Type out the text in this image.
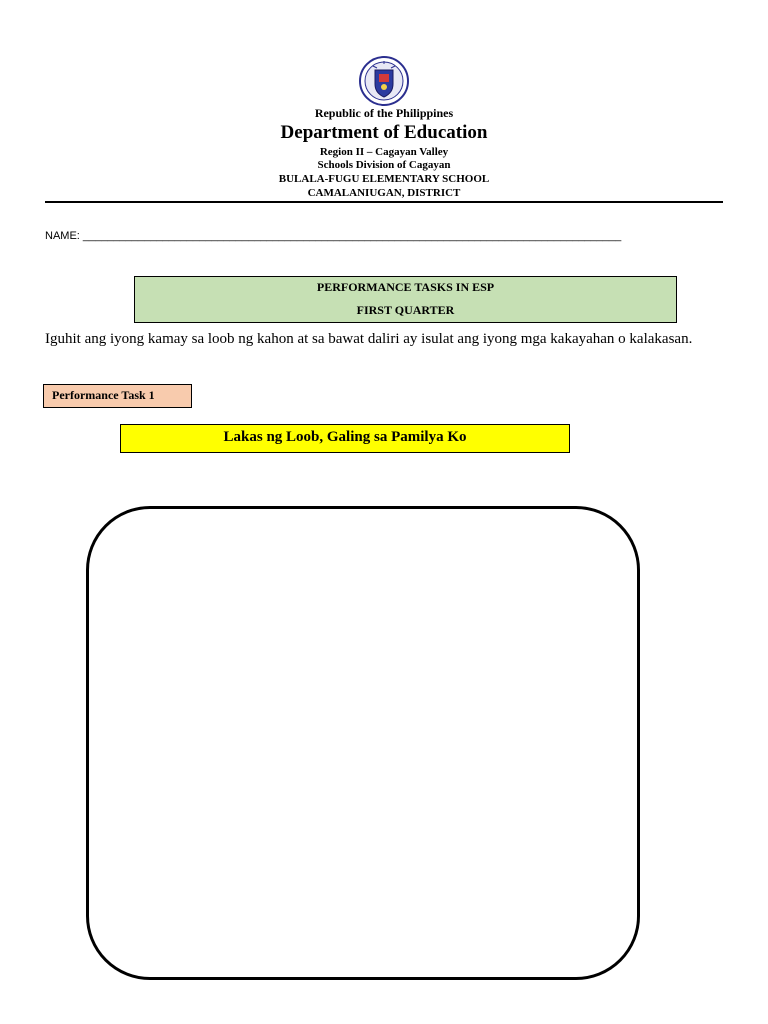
Republic of the Philippines
Department of Education
Region II – Cagayan Valley
Schools Division of Cagayan
BULALA-FUGU ELEMENTARY SCHOOL
CAMALANIUGAN, DISTRICT
NAME: ________________________________________________________________________________________
PERFORMANCE TASKS IN ESP
FIRST QUARTER
Iguhit ang iyong kamay sa loob ng kahon at sa bawat daliri ay isulat ang iyong mga kakayahan o kalakasan.
Performance Task 1
Lakas ng Loob, Galing sa Pamilya Ko
